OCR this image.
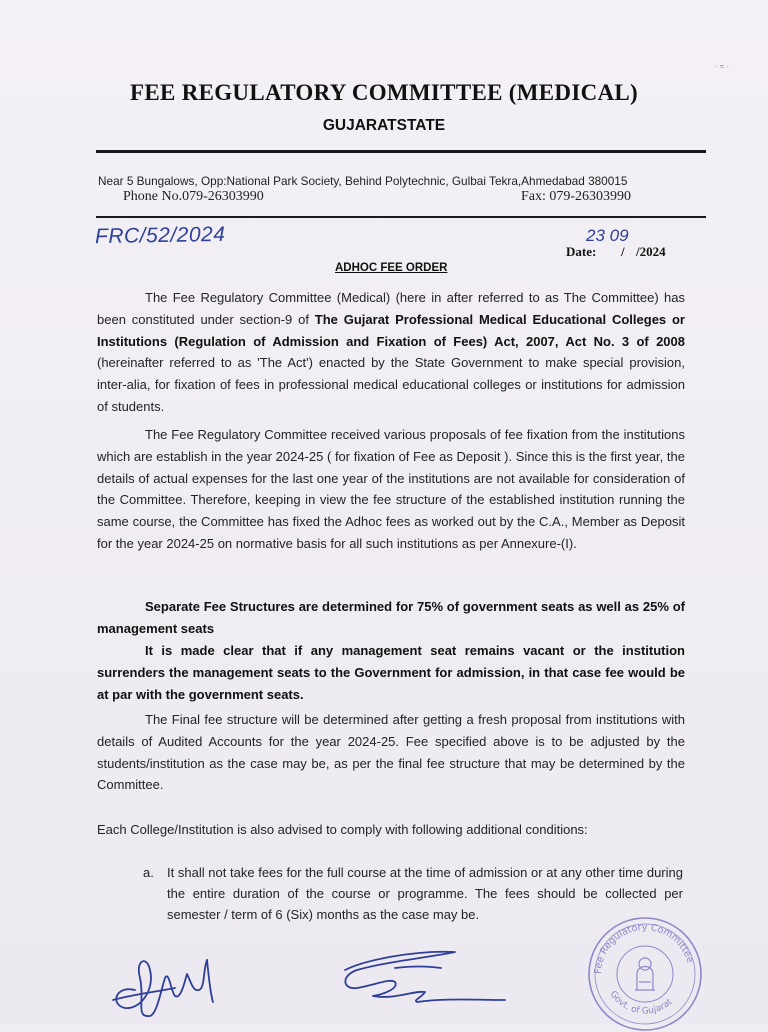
· ≈ ·
FEE REGULATORY COMMITTEE (MEDICAL)
GUJARATSTATE
Near 5 Bungalows, Opp:National Park Society, Behind Polytechnic, Gulbai Tekra,Ahmedabad 380015
Phone No.079-26303990	Fax: 079-26303990
FRC/52/2024	23 09
Date: / /2024
ADHOC FEE ORDER
The Fee Regulatory Committee (Medical) (here in after referred to as The Committee) has been constituted under section-9 of The Gujarat Professional Medical Educational Colleges or Institutions (Regulation of Admission and Fixation of Fees) Act, 2007, Act No. 3 of 2008 (hereinafter referred to as 'The Act') enacted by the State Government to make special provision, inter-alia, for fixation of fees in professional medical educational colleges or institutions for admission of students.
The Fee Regulatory Committee received various proposals of fee fixation from the institutions which are establish in the year 2024-25 ( for fixation of Fee as Deposit ). Since this is the first year, the details of actual expenses for the last one year of the institutions are not available for consideration of the Committee. Therefore, keeping in view the fee structure of the established institution running the same course, the Committee has fixed the Adhoc fees as worked out by the C.A., Member as Deposit for the year 2024-25 on normative basis for all such institutions as per Annexure-(I).
Separate Fee Structures are determined for 75% of government seats as well as 25% of management seats
It is made clear that if any management seat remains vacant or the institution surrenders the management seats to the Government for admission, in that case fee would be at par with the government seats.
The Final fee structure will be determined after getting a fresh proposal from institutions with details of Audited Accounts for the year 2024-25. Fee specified above is to be adjusted by the students/institution as the case may be, as per the final fee structure that may be determined by the Committee.
Each College/Institution is also advised to comply with following additional conditions:
a. It shall not take fees for the full course at the time of admission or at any other time during the entire duration of the course or programme. The fees should be collected per semester / term of 6 (Six) months as the case may be.
Fee Regulatory Committee
Govt. of Gujarat
